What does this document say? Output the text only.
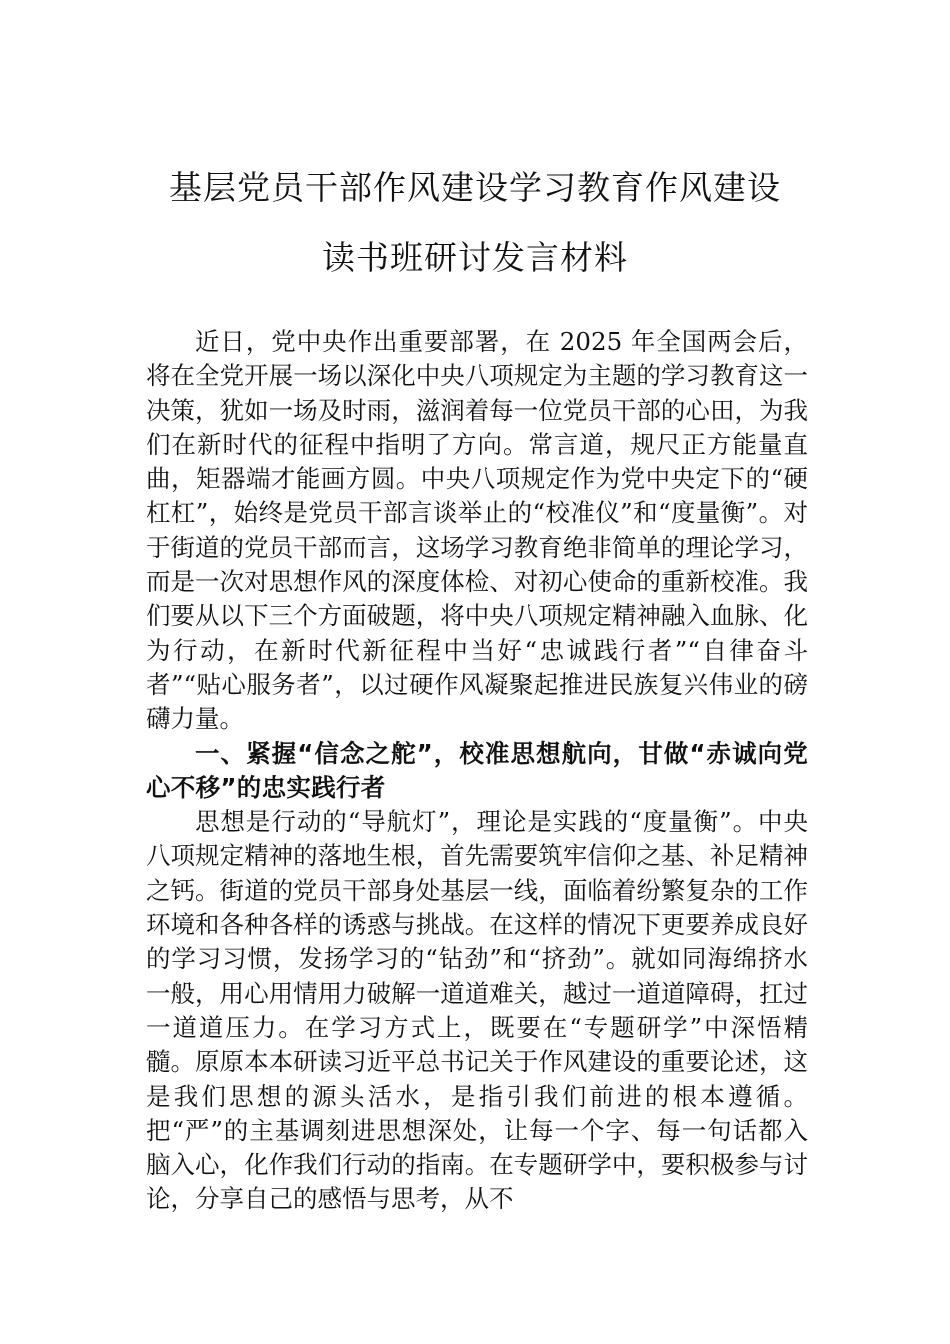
基层党员干部作风建设学习教育作风建设
读书班研讨发言材料

近日，党中央作出重要部署，在 2025 年全国两会后，将在全党开展一场以深化中央八项规定为主题的学习教育这一决策，犹如一场及时雨，滋润着每一位党员干部的心田，为我们在新时代的征程中指明了方向。常言道，规尺正方能量直曲，矩器端才能画方圆。中央八项规定作为党中央定下的“硬杠杠”，始终是党员干部言谈举止的“校准仪”和“度量衡”。对于街道的党员干部而言，这场学习教育绝非简单的理论学习，而是一次对思想作风的深度体检、对初心使命的重新校准。我们要从以下三个方面破题，将中央八项规定精神融入血脉、化为行动，在新时代新征程中当好“忠诚践行者”“自律奋斗者”“贴心服务者”，以过硬作风凝聚起推进民族复兴伟业的磅礴力量。

一、紧握“信念之舵”，校准思想航向，甘做“赤诚向党心不移”的忠实践行者

思想是行动的“导航灯”，理论是实践的“度量衡”。中央八项规定精神的落地生根，首先需要筑牢信仰之基、补足精神之钙。街道的党员干部身处基层一线，面临着纷繁复杂的工作环境和各种各样的诱惑与挑战。在这样的情况下更要养成良好的学习习惯，发扬学习的“钻劲”和“挤劲”。就如同海绵挤水一般，用心用情用力破解一道道难关，越过一道道障碍，扛过一道道压力。在学习方式上，既要在“专题研学”中深悟精髓。原原本本研读习近平总书记关于作风建设的重要论述，这是我们思想的源头活水，是指引我们前进的根本遵循。把“严”的主基调刻进思想深处，让每一个字、每一句话都入脑入心，化作我们行动的指南。在专题研学中，要积极参与讨论，分享自己的感悟与思考，从不
